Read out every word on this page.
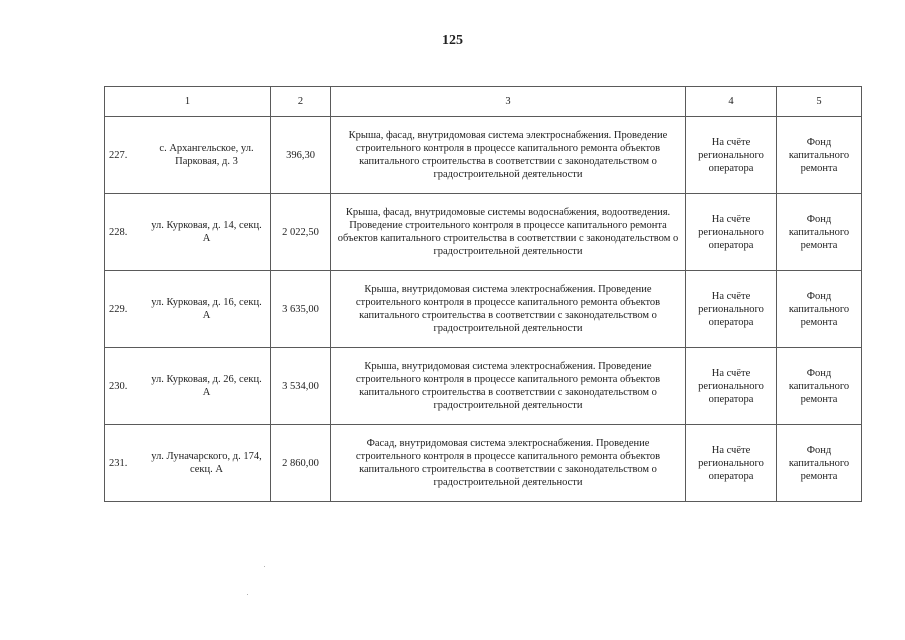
125
1	2	3	4	5

227.
с. Архангельское, ул. Парковая, д. 3	396,30	Крыша, фасад, внутридомовая система электроснабжения. Проведение строительного контроля в процессе капитального ремонта объектов капитального строительства в соответствии с законодательством о градостроительной деятельности	На счёте регионального оператора	Фонд капитального ремонта

228.
ул. Курковая, д. 14, секц. А	2 022,50	Крыша, фасад, внутридомовые системы водоснабжения, водоотведения. Проведение строительного контроля в процессе капитального ремонта объектов капитального строительства в соответствии с законодательством о градостроительной деятельности	На счёте регионального оператора	Фонд капитального ремонта

229.
ул. Курковая, д. 16, секц. А	3 635,00	Крыша, внутридомовая система электроснабжения. Проведение строительного контроля в процессе капитального ремонта объектов капитального строительства в соответствии с законодательством о градостроительной деятельности	На счёте регионального оператора	Фонд капитального ремонта

230.
ул. Курковая, д. 26, секц. А	3 534,00	Крыша, внутридомовая система электроснабжения. Проведение строительного контроля в процессе капитального ремонта объектов капитального строительства в соответствии с законодательством о градостроительной деятельности	На счёте регионального оператора	Фонд капитального ремонта

231.
ул. Луначарского, д. 174, секц. А	2 860,00	Фасад, внутридомовая система электроснабжения. Проведение строительного контроля в процессе капитального ремонта объектов капитального строительства в соответствии с законодательством о градостроительной деятельности	На счёте регионального оператора	Фонд капитального ремонта
